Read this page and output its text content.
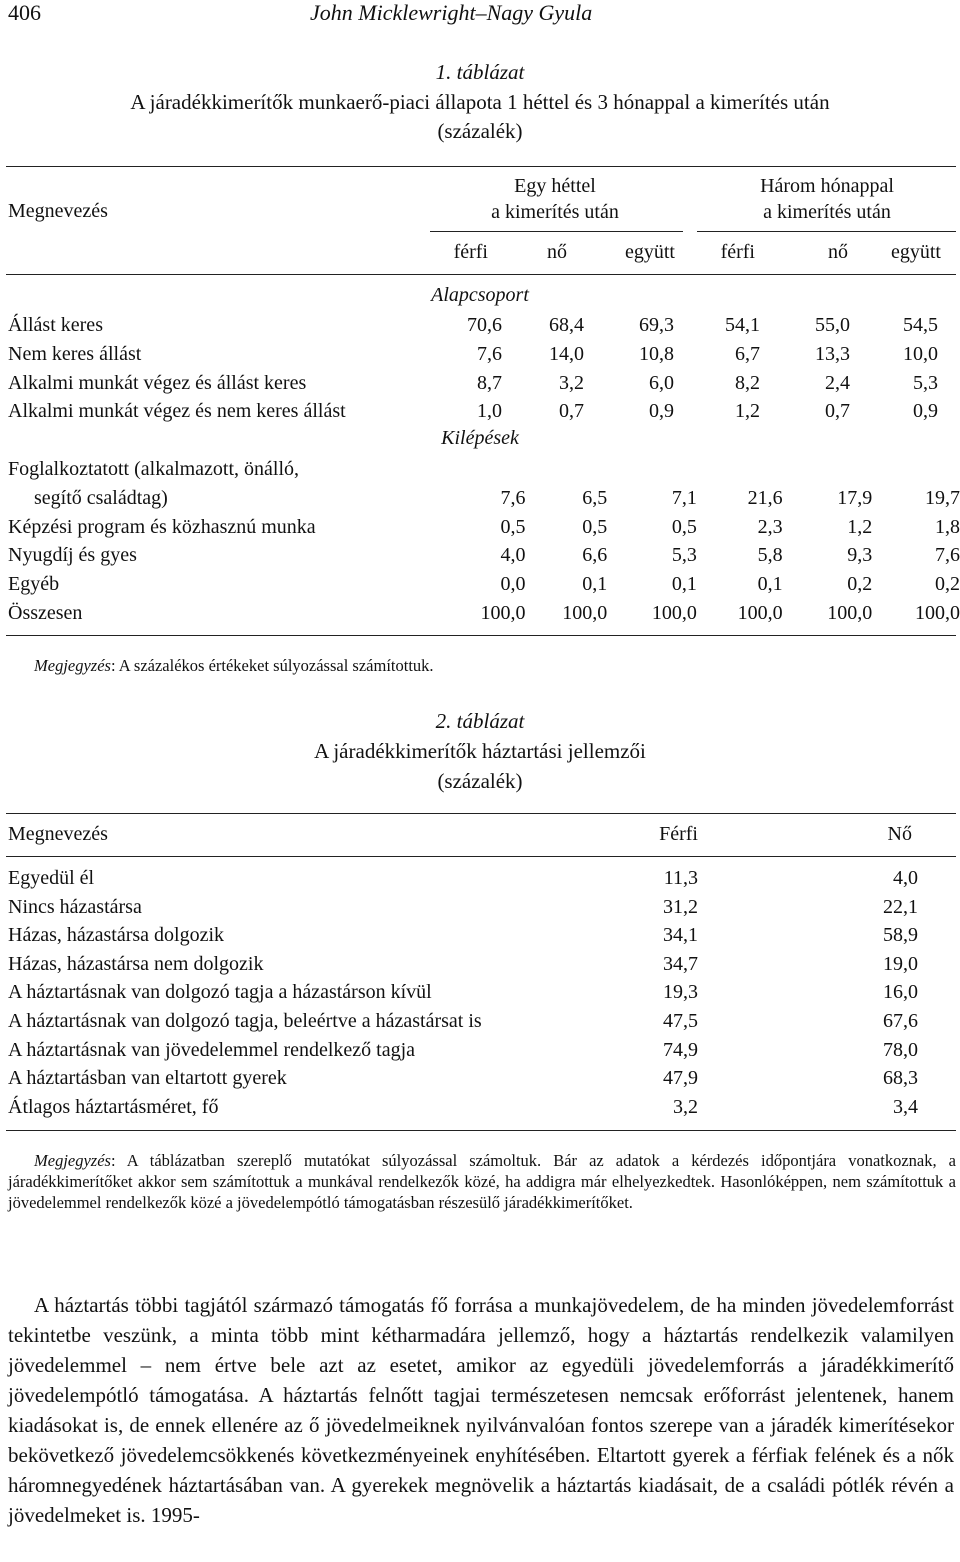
406	John Micklewright–Nagy Gyula
1. táblázat
A járadékkimerítők munkaerő-piaci állapota 1 héttel és 3 hónappal a kimerítés után
(százalék)
Megnevezés
Egy héttel
a kimerítés után
Három hónappal
a kimerítés után
férfi	nő	együtt	férfi	nő	együtt
Alapcsoport
Állást keres	70,6	68,4	69,3	54,1	55,0	54,5
Nem keres állást	7,6	14,0	10,8	6,7	13,3	10,0
Alkalmi munkát végez és állást keres	8,7	3,2	6,0	8,2	2,4	5,3
Alkalmi munkát végez és nem keres állást	1,0	0,7	0,9	1,2	0,7	0,9
Kilépések
Foglalkoztatott (alkalmazott, önálló,						
segítő családtag)	7,6	6,5	7,1	21,6	17,9	19,7
Képzési program és közhasznú munka	0,5	0,5	0,5	2,3	1,2	1,8
Nyugdíj és gyes	4,0	6,6	5,3	5,8	9,3	7,6
Egyéb	0,0	0,1	0,1	0,1	0,2	0,2
Összesen	100,0	100,0	100,0	100,0	100,0	100,0
Megjegyzés: A százalékos értékeket súlyozással számítottuk.
2. táblázat
A járadékkimerítők háztartási jellemzői
(százalék)
Megnevezés	Férfi	Nő
Egyedül él	11,3	4,0
Nincs házastársa	31,2	22,1
Házas, házastársa dolgozik	34,1	58,9
Házas, házastársa nem dolgozik	34,7	19,0
A háztartásnak van dolgozó tagja a házastárson kívül	19,3	16,0
A háztartásnak van dolgozó tagja, beleértve a házastársat is	47,5	67,6
A háztartásnak van jövedelemmel rendelkező tagja	74,9	78,0
A háztartásban van eltartott gyerek	47,9	68,3
Átlagos háztartásméret, fő	3,2	3,4
Megjegyzés: A táblázatban szereplő mutatókat súlyozással számoltuk. Bár az adatok a kérdezés időpontjára vonatkoznak, a járadékkimerítőket akkor sem számítottuk a munkával rendelkezők közé, ha addigra már elhelyezkedtek. Hasonlóképpen, nem számítottuk a jövedelemmel rendelkezők közé a jövedelempótló támogatásban részesülő járadékkimerítőket.

A háztartás többi tagjától származó támogatás fő forrása a munkajövedelem, de ha minden jövedelemforrást tekintetbe veszünk, a minta több mint kétharmadára jellemző, hogy a háztartás rendelkezik valamilyen jövedelemmel – nem értve bele azt az esetet, amikor az egyedüli jövedelemforrás a járadékkimerítő jövedelempótló támogatása. A háztartás felnőtt tagjai természetesen nemcsak erőforrást jelentenek, hanem kiadásokat is, de ennek ellenére az ő jövedelmeiknek nyilvánvalóan fontos szerepe van a járadék kimerítésekor bekövetkező jövedelemcsökkenés következményeinek enyhítésében. Eltartott gyerek a férfiak felének és a nők háromnegyedének háztartásában van. A gyerekek megnövelik a háztartás kiadásait, de a családi pótlék révén a jövedelmeket is. 1995-
